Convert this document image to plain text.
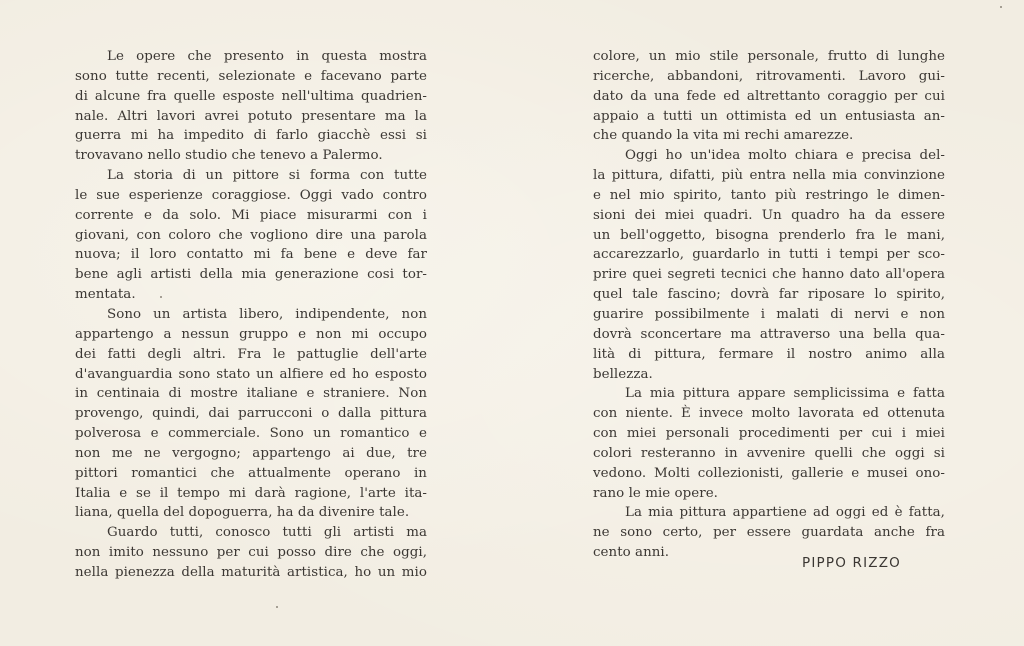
Le opere che presento in questa mostra
sono tutte recenti, selezionate e facevano parte
di alcune fra quelle esposte nell'ultima quadrien-
nale. Altri lavori avrei potuto presentare ma la
guerra mi ha impedito di farlo giacchè essi si
trovavano nello studio che tenevo a Palermo.
La storia di un pittore si forma con tutte
le sue esperienze coraggiose. Oggi vado contro
corrente e da solo. Mi piace misurarmi con i
giovani, con coloro che vogliono dire una parola
nuova; il loro contatto mi fa bene e deve far
bene agli artisti della mia generazione cosi tor-
mentata.
Sono un artista libero, indipendente, non
appartengo a nessun gruppo e non mi occupo
dei fatti degli altri. Fra le pattuglie dell'arte
d'avanguardia sono stato un alfiere ed ho esposto
in centinaia di mostre italiane e straniere. Non
provengo, quindi, dai parrucconi o dalla pittura
polverosa e commerciale. Sono un romantico e
non me ne vergogno; appartengo ai due, tre
pittori romantici che attualmente operano in
Italia e se il tempo mi darà ragione, l'arte ita-
liana, quella del dopoguerra, ha da divenire tale.
Guardo tutti, conosco tutti gli artisti ma
non imito nessuno per cui posso dire che oggi,
nella pienezza della maturità artistica, ho un mio
colore, un mio stile personale, frutto di lunghe
ricerche, abbandoni, ritrovamenti. Lavoro gui-
dato da una fede ed altrettanto coraggio per cui
appaio a tutti un ottimista ed un entusiasta an-
che quando la vita mi rechi amarezze.
Oggi ho un'idea molto chiara e precisa del-
la pittura, difatti, più entra nella mia convinzione
e nel mio spirito, tanto più restringo le dimen-
sioni dei miei quadri. Un quadro ha da essere
un bell'oggetto, bisogna prenderlo fra le mani,
accarezzarlo, guardarlo in tutti i tempi per sco-
prire quei segreti tecnici che hanno dato all'opera
quel tale fascino; dovrà far riposare lo spirito,
guarire possibilmente i malati di nervi e non
dovrà sconcertare ma attraverso una bella qua-
lità di pittura, fermare il nostro animo alla
bellezza.
La mia pittura appare semplicissima e fatta
con niente. È invece molto lavorata ed ottenuta
con miei personali procedimenti per cui i miei
colori resteranno in avvenire quelli che oggi si
vedono. Molti collezionisti, gallerie e musei ono-
rano le mie opere.
La mia pittura appartiene ad oggi ed è fatta,
ne sono certo, per essere guardata anche fra
cento anni.
PIPPO RIZZO
